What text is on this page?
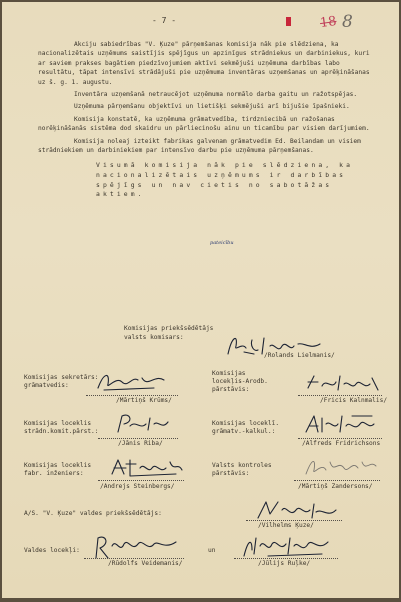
- 7 -	18 8

Akciju sabiedrības "V. Ķuze" pārņemšanas komisija nāk pie slēdziena, ka nacionalizētais uzņēmums saistījis spējīgus un apzinīgus strādniekus un darbiniekus, kuri ar saviem prakses bagātiem piedzīvojumiem aktīvi sekmējuši uzņēmuma darbības labo resultātu, tāpat intensīvi strādājuši pie uzņēmuma inventāras uzņemšanas un aprēķināšanas uz š. g. 1. augustu.

Inventāra uzņemšanā netraucējot uzņēmuma normālo darba gaitu un ražotspējas.

Uzņēmuma pārņemšanu objektīvi un lietišķi sekmējuši arī bijušie īpašnieki.

Komisija konstatē, ka uzņēmuma grāmatvedība, tirdzniecibā un ražošanas norēķināšanās sistēma dod skaidru un pārliecinošu ainu un ticamību par visiem darījumiem.

Komisija noleaj izteikt fabrikas galvenam grāmatvedim Ed. Beilandam un visiem strādniekiem un darbiniekiem par intensīvo darbu pie uzņēmuma pārņemšanas.

Visumā komisija nāk pie slēdziena, ka nacionalizētais uzņēmums ir darbības spējīgs un nav cietis no sabotāžas aktiem.

pateicību
Komisijas priekšsēdētājs
valsts komisars:
/Rolands Lielmanis/
Komisijas sekretārs:
grāmatvedis:
/Mārtiņš Krūms/
Komisijas
locekļis-Arodb.
pārstāvis:
/Fricis Kalnmalis/
Komisijas loceklis
strādn.komit.pārst.:
/Jānis Riba/
Komisijas loceklī.
grāmatv.-kalkul.:
/Alfreds Fridrichsons
Komisijas loceklis
fabr. inženiers:
/Andrejs Steinbergs/
Valsts kontroles
pārstāvis:
/Mārtiņš Zandersons/
A/S. "V. Ķuze" valdes priekšsēdētājs:
/Vilhelms Ķuze/
Valdes locekļi:
/Rūdolfs Veidemanis/
un
/Jūlijs Ruļke/
